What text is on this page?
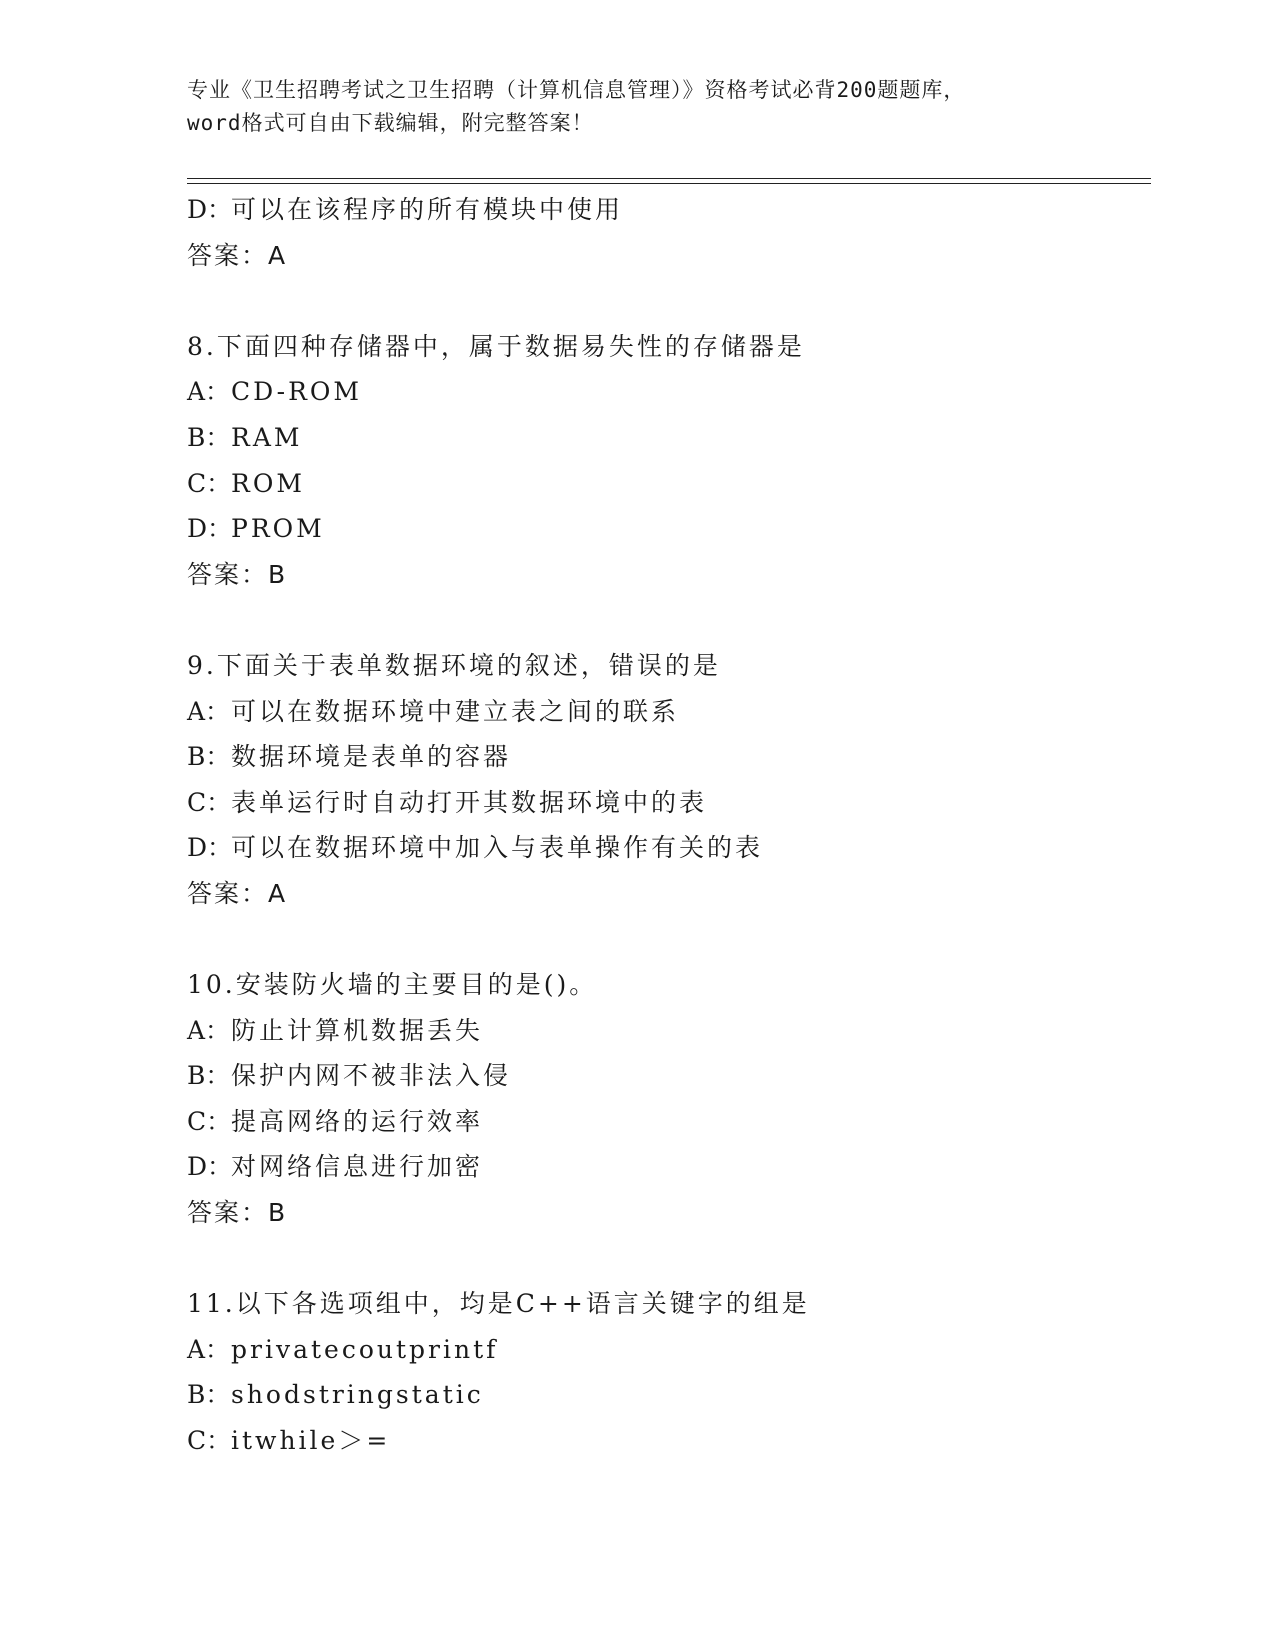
专业《卫生招聘考试之卫生招聘（计算机信息管理）》资格考试必背200题题库，
word格式可自由下载编辑，附完整答案！
D：可以在该程序的所有模块中使用
答案：A
8.下面四种存储器中，属于数据易失性的存储器是
A：CD-ROM
B：RAM
C：ROM
D：PROM
答案：B
9.下面关于表单数据环境的叙述，错误的是
A：可以在数据环境中建立表之间的联系
B：数据环境是表单的容器
C：表单运行时自动打开其数据环境中的表
D：可以在数据环境中加入与表单操作有关的表
答案：A
10.安装防火墙的主要目的是()。
A：防止计算机数据丢失
B：保护内网不被非法入侵
C：提高网络的运行效率
D：对网络信息进行加密
答案：B
11.以下各选项组中，均是C++语言关键字的组是
A：privatecoutprintf
B：shodstringstatic
C：itwhile＞=
